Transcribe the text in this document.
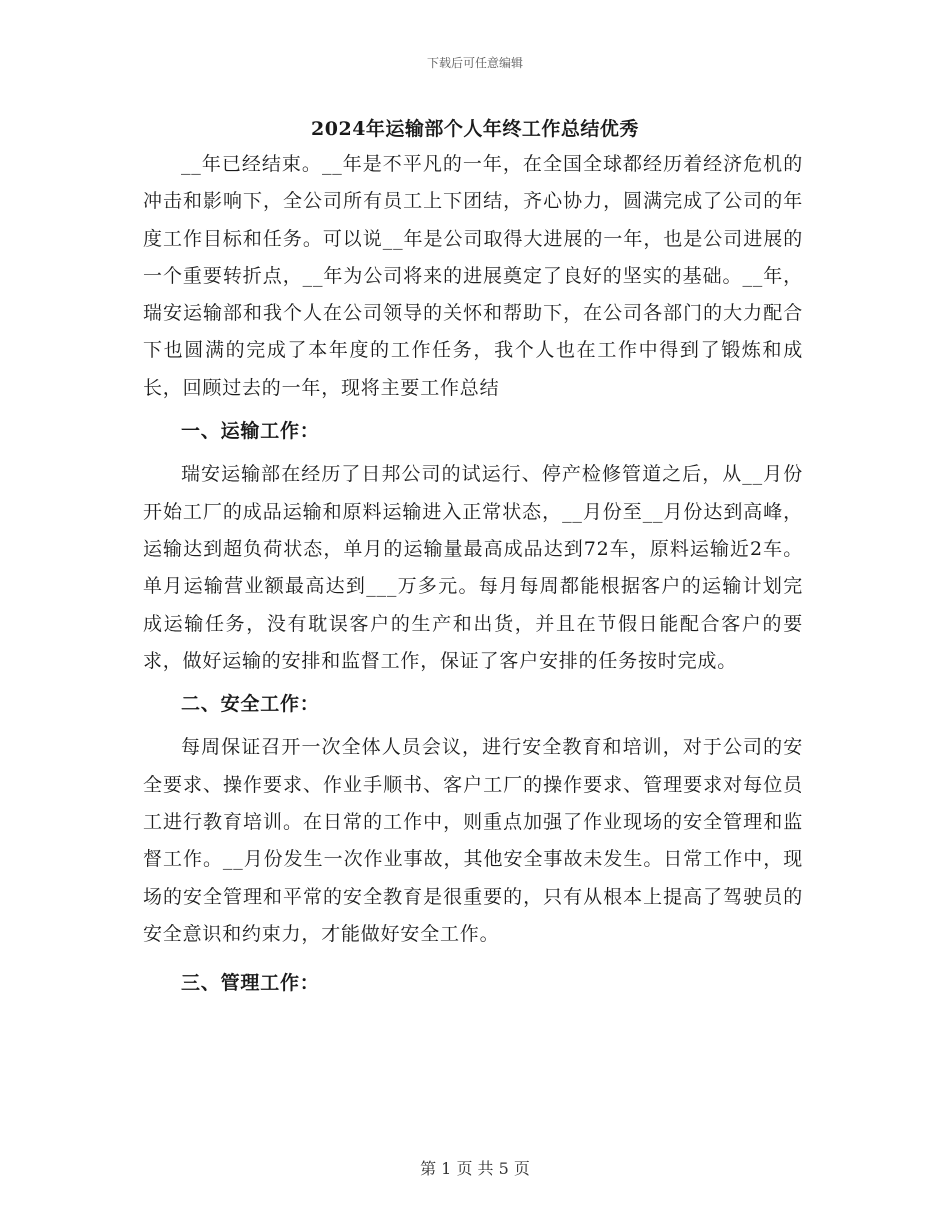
下载后可任意编辑
2024年运输部个人年终工作总结优秀

__年已经结束。__年是不平凡的一年，在全国全球都经历着经济危机的冲击和影响下，全公司所有员工上下团结，齐心协力，圆满完成了公司的年度工作目标和任务。可以说__年是公司取得大进展的一年，也是公司进展的一个重要转折点，__年为公司将来的进展奠定了良好的坚实的基础。__年，瑞安运输部和我个人在公司领导的关怀和帮助下，在公司各部门的大力配合下也圆满的完成了本年度的工作任务，我个人也在工作中得到了锻炼和成长，回顾过去的一年，现将主要工作总结

一、运输工作：

瑞安运输部在经历了日邦公司的试运行、停产检修管道之后，从__月份开始工厂的成品运输和原料运输进入正常状态，__月份至__月份达到高峰，运输达到超负荷状态，单月的运输量最高成品达到72车，原料运输近2车。单月运输营业额最高达到___万多元。每月每周都能根据客户的运输计划完成运输任务，没有耽误客户的生产和出货，并且在节假日能配合客户的要求，做好运输的安排和监督工作，保证了客户安排的任务按时完成。

二、安全工作：

每周保证召开一次全体人员会议，进行安全教育和培训，对于公司的安全要求、操作要求、作业手顺书、客户工厂的操作要求、管理要求对每位员工进行教育培训。在日常的工作中，则重点加强了作业现场的安全管理和监督工作。__月份发生一次作业事故，其他安全事故未发生。日常工作中，现场的安全管理和平常的安全教育是很重要的，只有从根本上提高了驾驶员的安全意识和约束力，才能做好安全工作。

三、管理工作：
第 1 页 共 5 页
